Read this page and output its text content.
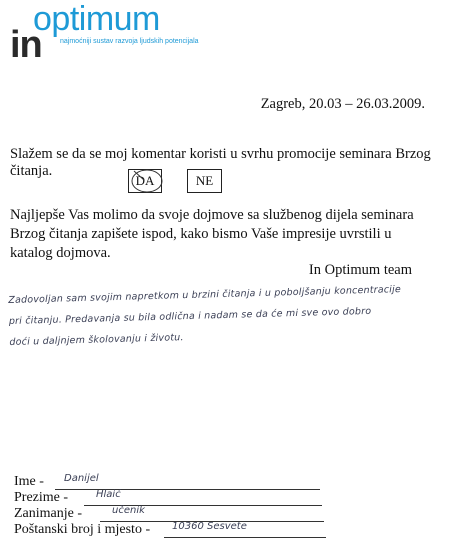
optimum
in	najmoćniji sustav razvoja ljudskih potencijala
Zagreb, 20.03 – 26.03.2009.
Slažem se da se moj komentar koristi u svrhu promocije seminara Brzog čitanja.
DA	NE
Najljepše Vas molimo da svoje dojmove sa službenog dijela seminara Brzog čitanja zapišete ispod, kako bismo Vaše impresije uvrstili u katalog dojmova.
In Optimum team
Zadovoljan sam svojim napretkom u brzini čitanja i u poboljšanju koncentracije
pri čitanju. Predavanja su bila odlična i nadam se da će mi sve ovo dobro
doći u daljnjem školovanju i životu.
Ime - Danijel
Prezime -	Hlaić
Zanimanje -	učenik
Poštanski broj i mjesto - 10360 Sesvete
